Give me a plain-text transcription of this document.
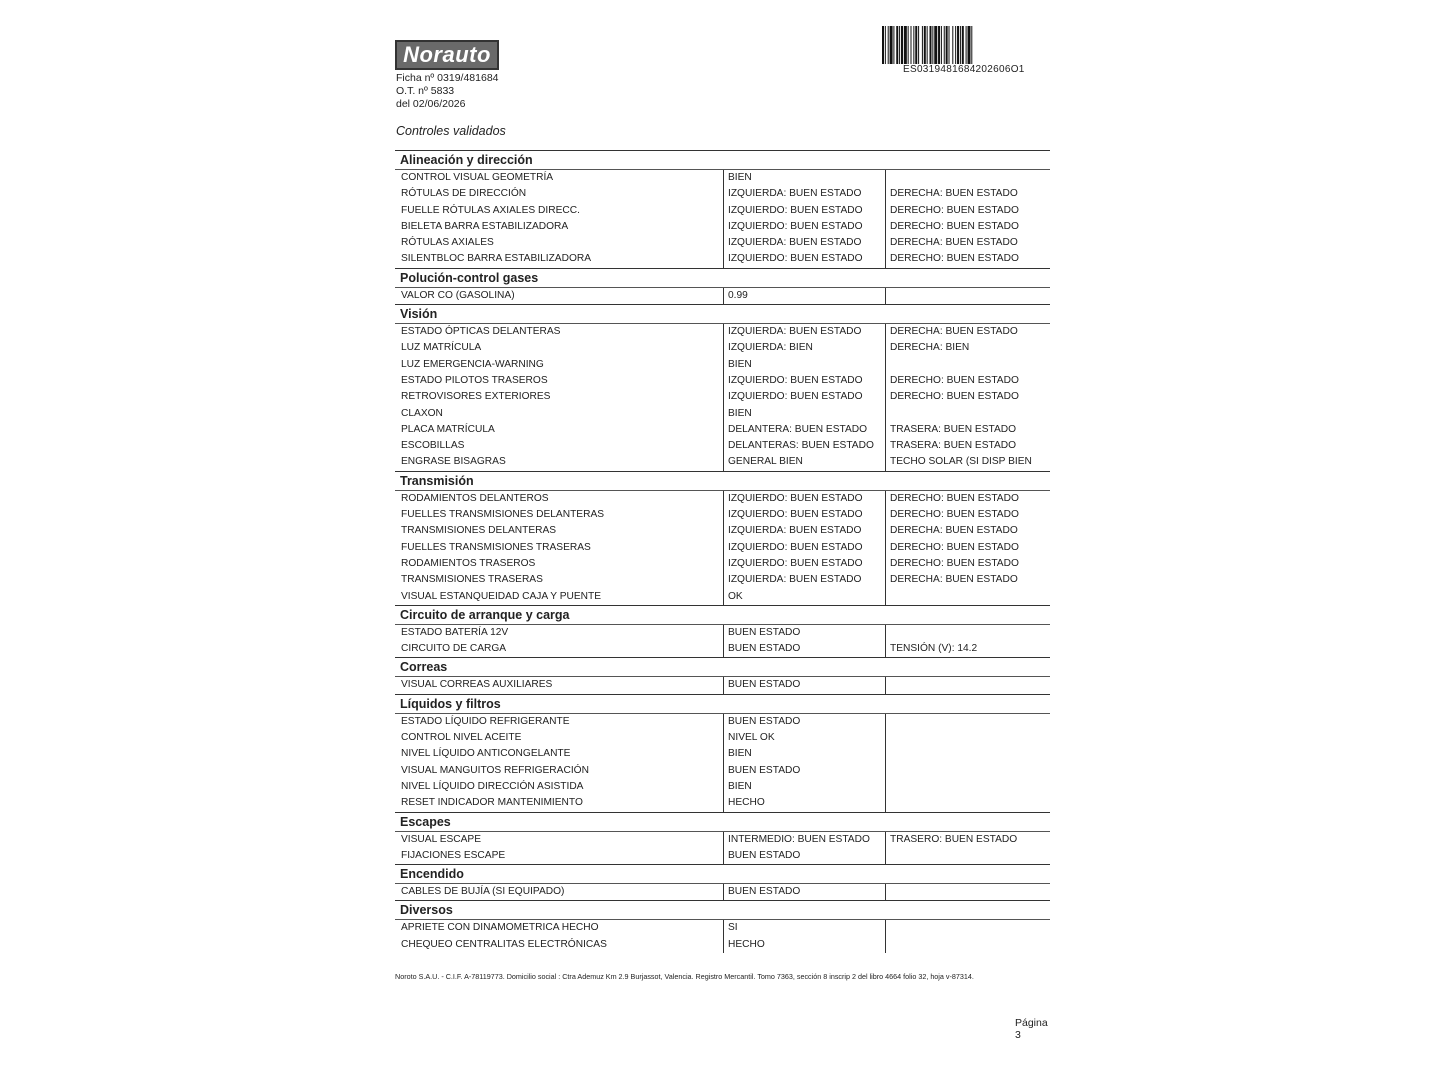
Norauto
Ficha nº 0319/481684
O.T. nº 5833
del 02/06/2026
ES0319481684202606O1
Controles validados
Alineación y dirección
CONTROL VISUAL GEOMETRÍA	BIEN
RÓTULAS DE DIRECCIÓN	IZQUIERDA: BUEN ESTADO	DERECHA: BUEN ESTADO
FUELLE RÓTULAS AXIALES DIRECC.	IZQUIERDO: BUEN ESTADO	DERECHO: BUEN ESTADO
BIELETA BARRA ESTABILIZADORA	IZQUIERDO: BUEN ESTADO	DERECHO: BUEN ESTADO
RÓTULAS AXIALES	IZQUIERDA: BUEN ESTADO	DERECHA: BUEN ESTADO
SILENTBLOC BARRA ESTABILIZADORA	IZQUIERDO: BUEN ESTADO	DERECHO: BUEN ESTADO
Polución-control gases
VALOR CO (GASOLINA)	0.99
Visión
ESTADO ÓPTICAS DELANTERAS	IZQUIERDA: BUEN ESTADO	DERECHA: BUEN ESTADO
LUZ MATRÍCULA	IZQUIERDA: BIEN	DERECHA: BIEN
LUZ EMERGENCIA-WARNING	BIEN
ESTADO PILOTOS TRASEROS	IZQUIERDO: BUEN ESTADO	DERECHO: BUEN ESTADO
RETROVISORES EXTERIORES	IZQUIERDO: BUEN ESTADO	DERECHO: BUEN ESTADO
CLAXON	BIEN
PLACA MATRÍCULA	DELANTERA: BUEN ESTADO	TRASERA: BUEN ESTADO
ESCOBILLAS	DELANTERAS: BUEN ESTADO	TRASERA: BUEN ESTADO
ENGRASE BISAGRAS	GENERAL BIEN	TECHO SOLAR (SI DISP BIEN
Transmisión
RODAMIENTOS DELANTEROS	IZQUIERDO: BUEN ESTADO	DERECHO: BUEN ESTADO
FUELLES TRANSMISIONES DELANTERAS	IZQUIERDO: BUEN ESTADO	DERECHO: BUEN ESTADO
TRANSMISIONES DELANTERAS	IZQUIERDA: BUEN ESTADO	DERECHA: BUEN ESTADO
FUELLES TRANSMISIONES TRASERAS	IZQUIERDO: BUEN ESTADO	DERECHO: BUEN ESTADO
RODAMIENTOS TRASEROS	IZQUIERDO: BUEN ESTADO	DERECHO: BUEN ESTADO
TRANSMISIONES TRASERAS	IZQUIERDA: BUEN ESTADO	DERECHA: BUEN ESTADO
VISUAL ESTANQUEIDAD CAJA Y PUENTE	OK
Circuito de arranque y carga
ESTADO BATERÍA 12V	BUEN ESTADO
CIRCUITO DE CARGA	BUEN ESTADO	TENSIÓN (V): 14.2
Correas
VISUAL CORREAS AUXILIARES	BUEN ESTADO
Líquidos y filtros
ESTADO LÍQUIDO REFRIGERANTE	BUEN ESTADO
CONTROL NIVEL ACEITE	NIVEL OK
NIVEL LÍQUIDO ANTICONGELANTE	BIEN
VISUAL MANGUITOS REFRIGERACIÓN	BUEN ESTADO
NIVEL LÍQUIDO DIRECCIÓN ASISTIDA	BIEN
RESET INDICADOR MANTENIMIENTO	HECHO
Escapes
VISUAL ESCAPE	INTERMEDIO: BUEN ESTADO	TRASERO: BUEN ESTADO
FIJACIONES ESCAPE	BUEN ESTADO
Encendido
CABLES DE BUJÍA (SI EQUIPADO)	BUEN ESTADO
Diversos
APRIETE CON DINAMOMETRICA HECHO	SI
CHEQUEO CENTRALITAS ELECTRÓNICAS	HECHO
Noroto S.A.U. - C.I.F. A-78119773. Domicilio social : Ctra Ademuz Km 2.9 Burjassot, Valencia. Registro Mercantil. Tomo 7363, sección 8 inscrip 2 del libro 4664 folio 32, hoja v-87314.
Página 3
